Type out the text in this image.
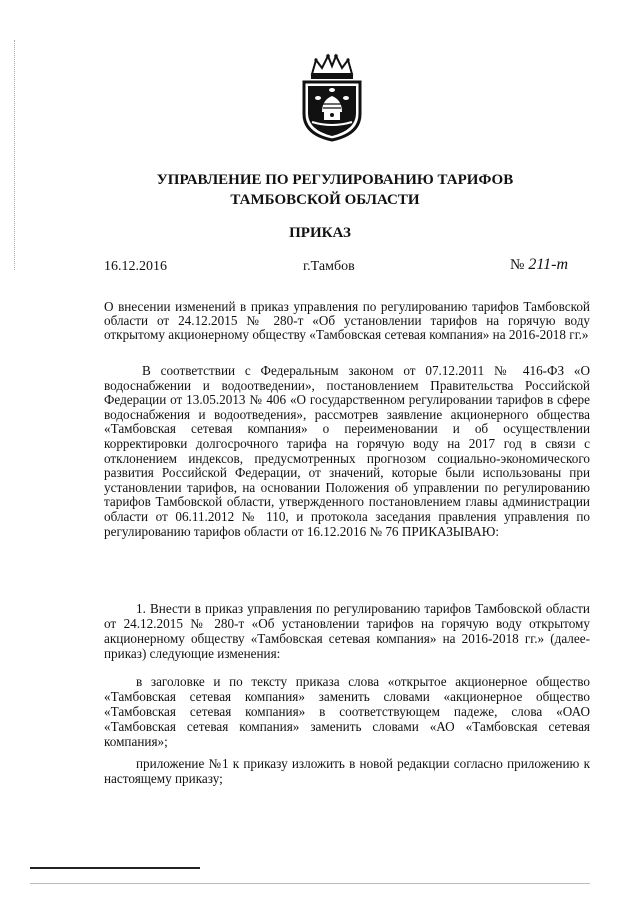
УПРАВЛЕНИЕ ПО РЕГУЛИРОВАНИЮ ТАРИФОВ
ТАМБОВСКОЙ ОБЛАСТИ
ПРИКАЗ
16.12.2016	г.Тамбов	№ 211-т
О внесении изменений в приказ управления по регулированию тарифов Тамбовской области от 24.12.2015 № 280-т «Об установлении тарифов на горячую воду открытому акционерному обществу «Тамбовская сетевая компания» на 2016-2018 гг.»
В соответствии с Федеральным законом от 07.12.2011 № 416-ФЗ «О водоснабжении и водоотведении», постановлением Правительства Российской Федерации от 13.05.2013 № 406 «О государственном регулировании тарифов в сфере водоснабжения и водоотведения», рассмотрев заявление акционерного общества «Тамбовская сетевая компания» о переименовании и об осуществлении корректировки долгосрочного тарифа на горячую воду на 2017 год в связи с отклонением индексов, предусмотренных прогнозом социально-экономического развития Российской Федерации, от значений, которые были использованы при установлении тарифов, на основании Положения об управлении по регулированию тарифов Тамбовской области, утвержденного постановлением главы администрации области от 06.11.2012 № 110, и протокола заседания правления управления по регулированию тарифов области от 16.12.2016 № 76 ПРИКАЗЫВАЮ:
1. Внести в приказ управления по регулированию тарифов Тамбовской области от 24.12.2015 № 280-т «Об установлении тарифов на горячую воду открытому акционерному обществу «Тамбовская сетевая компания» на 2016-2018 гг.» (далее-приказ) следующие изменения:
в заголовке и по тексту приказа слова «открытое акционерное общество «Тамбовская сетевая компания» заменить словами «акционерное общество «Тамбовская сетевая компания» в соответствующем падеже, слова «ОАО «Тамбовская сетевая компания» заменить словами «АО «Тамбовская сетевая компания»;
приложение №1 к приказу изложить в новой редакции согласно приложению к настоящему приказу;
